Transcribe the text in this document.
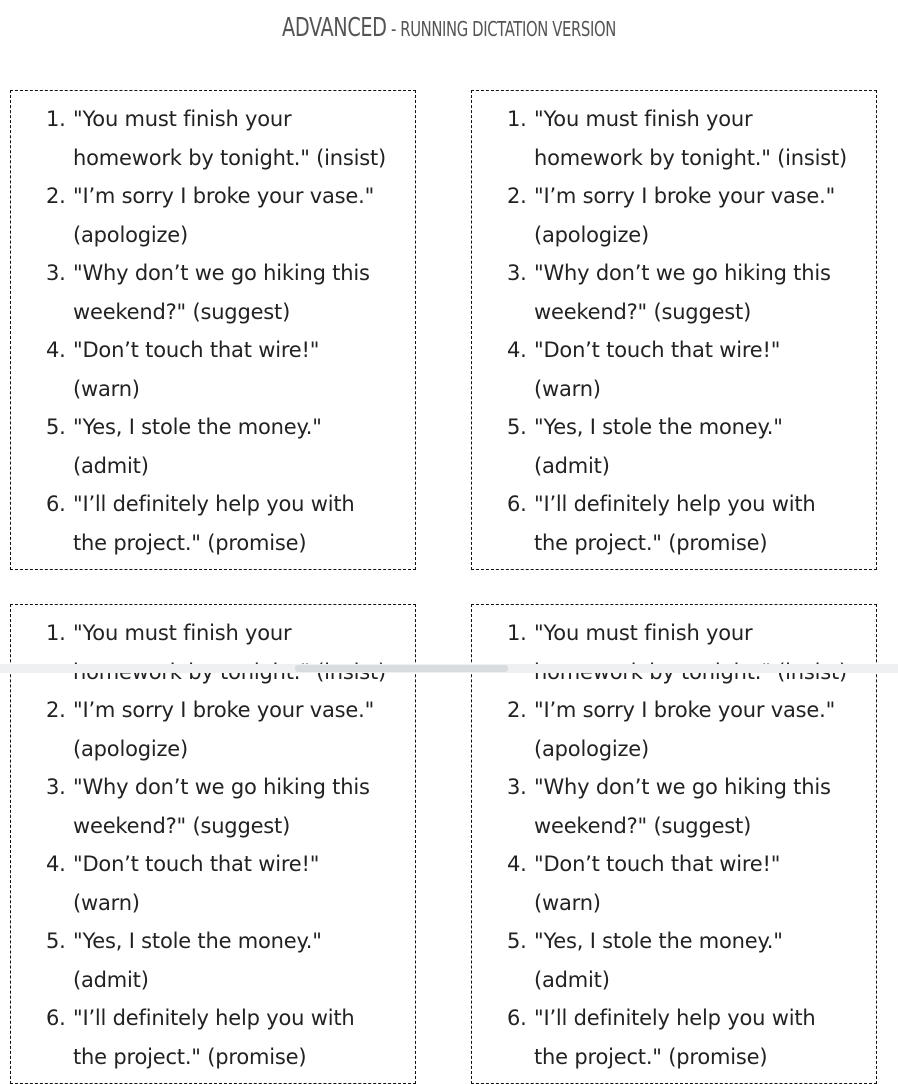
ADVANCED - RUNNING DICTATION VERSION
1. "You must finish your
homework by tonight." (insist)
2. "I’m sorry I broke your vase."
(apologize)
3. "Why don’t we go hiking this
weekend?" (suggest)
4. "Don’t touch that wire!"
(warn)
5. "Yes, I stole the money."
(admit)
6. "I’ll definitely help you with
the project." (promise)
1. "You must finish your
homework by tonight." (insist)
2. "I’m sorry I broke your vase."
(apologize)
3. "Why don’t we go hiking this
weekend?" (suggest)
4. "Don’t touch that wire!"
(warn)
5. "Yes, I stole the money."
(admit)
6. "I’ll definitely help you with
the project." (promise)
1. "You must finish your
2. "I’m sorry I broke your vase."
(apologize)
3. "Why don’t we go hiking this
weekend?" (suggest)
4. "Don’t touch that wire!"
(warn)
5. "Yes, I stole the money."
(admit)
6. "I’ll definitely help you with
the project." (promise)
1. "You must finish your
2. "I’m sorry I broke your vase."
(apologize)
3. "Why don’t we go hiking this
weekend?" (suggest)
4. "Don’t touch that wire!"
(warn)
5. "Yes, I stole the money."
(admit)
6. "I’ll definitely help you with
the project." (promise)
